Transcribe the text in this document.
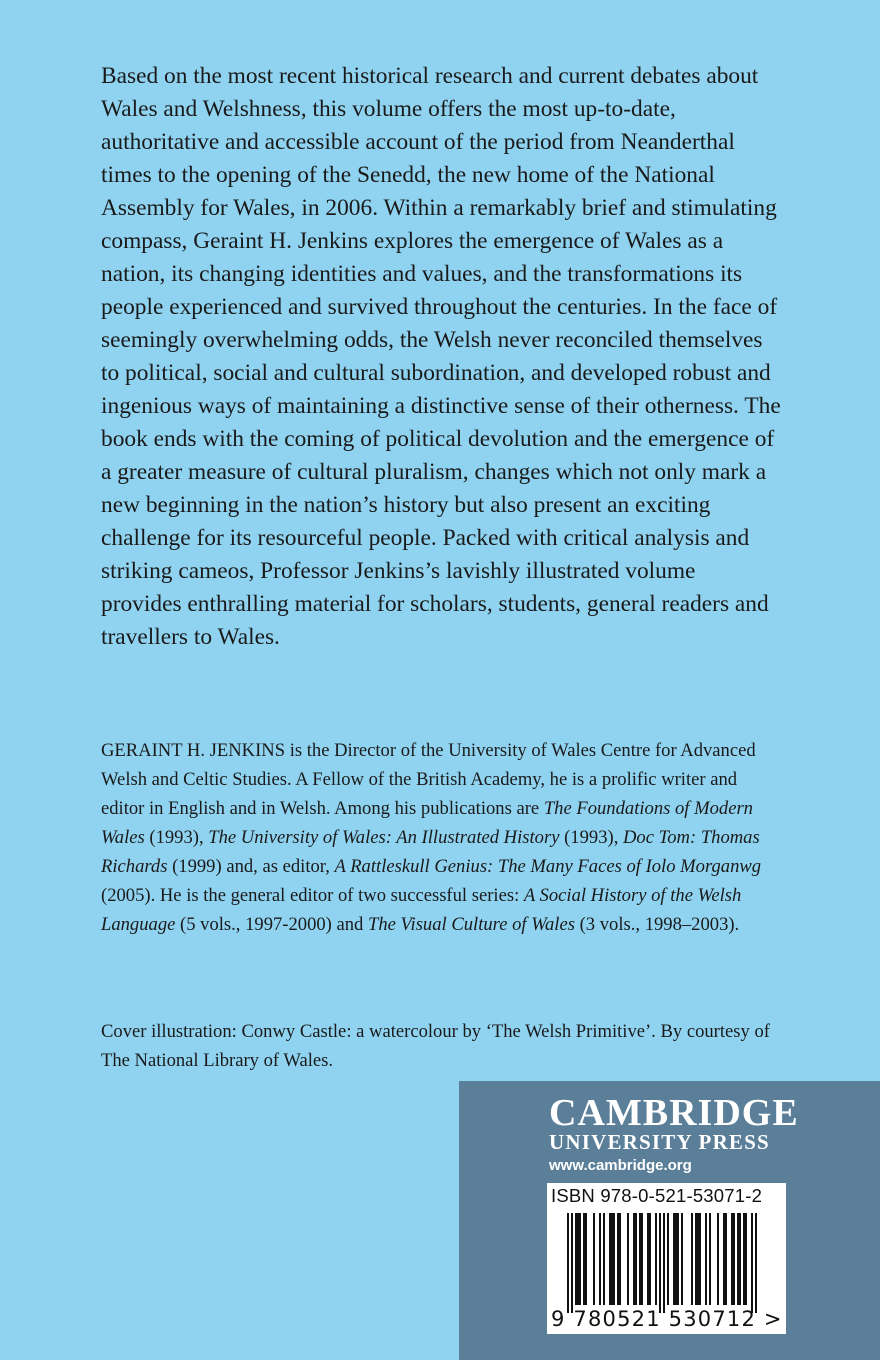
Based on the most recent historical research and current debates about Wales and Welshness, this volume offers the most up-to-date, authoritative and accessible account of the period from Neanderthal times to the opening of the Senedd, the new home of the National Assembly for Wales, in 2006. Within a remarkably brief and stimulating compass, Geraint H. Jenkins explores the emergence of Wales as a nation, its changing identities and values, and the transformations its people experienced and survived throughout the centuries. In the face of seemingly overwhelming odds, the Welsh never reconciled themselves to political, social and cultural subordination, and developed robust and ingenious ways of maintaining a distinctive sense of their otherness. The book ends with the coming of political devolution and the emergence of a greater measure of cultural pluralism, changes which not only mark a new beginning in the nation’s history but also present an exciting challenge for its resourceful people. Packed with critical analysis and striking cameos, Professor Jenkins’s lavishly illustrated volume provides enthralling material for scholars, students, general readers and travellers to Wales.

GERAINT H. JENKINS is the Director of the University of Wales Centre for Advanced Welsh and Celtic Studies. A Fellow of the British Academy, he is a prolific writer and editor in English and in Welsh. Among his publications are The Foundations of Modern Wales (1993), The University of Wales: An Illustrated History (1993), Doc Tom: Thomas Richards (1999) and, as editor, A Rattleskull Genius: The Many Faces of Iolo Morganwg (2005). He is the general editor of two successful series: A Social History of the Welsh Language (5 vols., 1997-2000) and The Visual Culture of Wales (3 vols., 1998–2003).

Cover illustration: Conwy Castle: a watercolour by ‘The Welsh Primitive’. By courtesy of The National Library of Wales.

CAMBRIDGE
UNIVERSITY PRESS
www.cambridge.org
ISBN 978-0-521-53071-2
9 780521 530712 >
